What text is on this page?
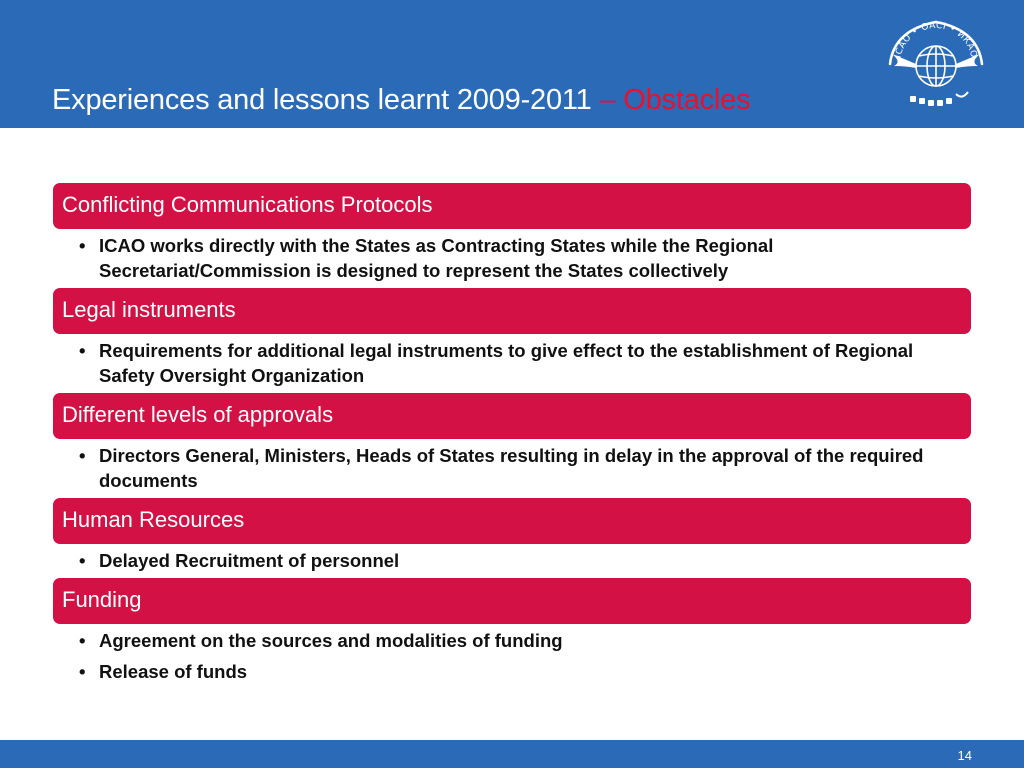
Experiences and lessons learnt 2009-2011 – Obstacles
ICAO • OACI • ИКАО
Conflicting Communications Protocols
• ICAO works directly with the States as Contracting States while the Regional Secretariat/Commission is designed to represent the States collectively
Legal instruments
• Requirements for additional legal instruments to give effect to the establishment of Regional Safety Oversight Organization
Different levels of approvals
• Directors General, Ministers, Heads of States resulting in delay in the approval of the required documents
Human Resources
• Delayed Recruitment of personnel
Funding
• Agreement on the sources and modalities of funding
• Release of funds
14
